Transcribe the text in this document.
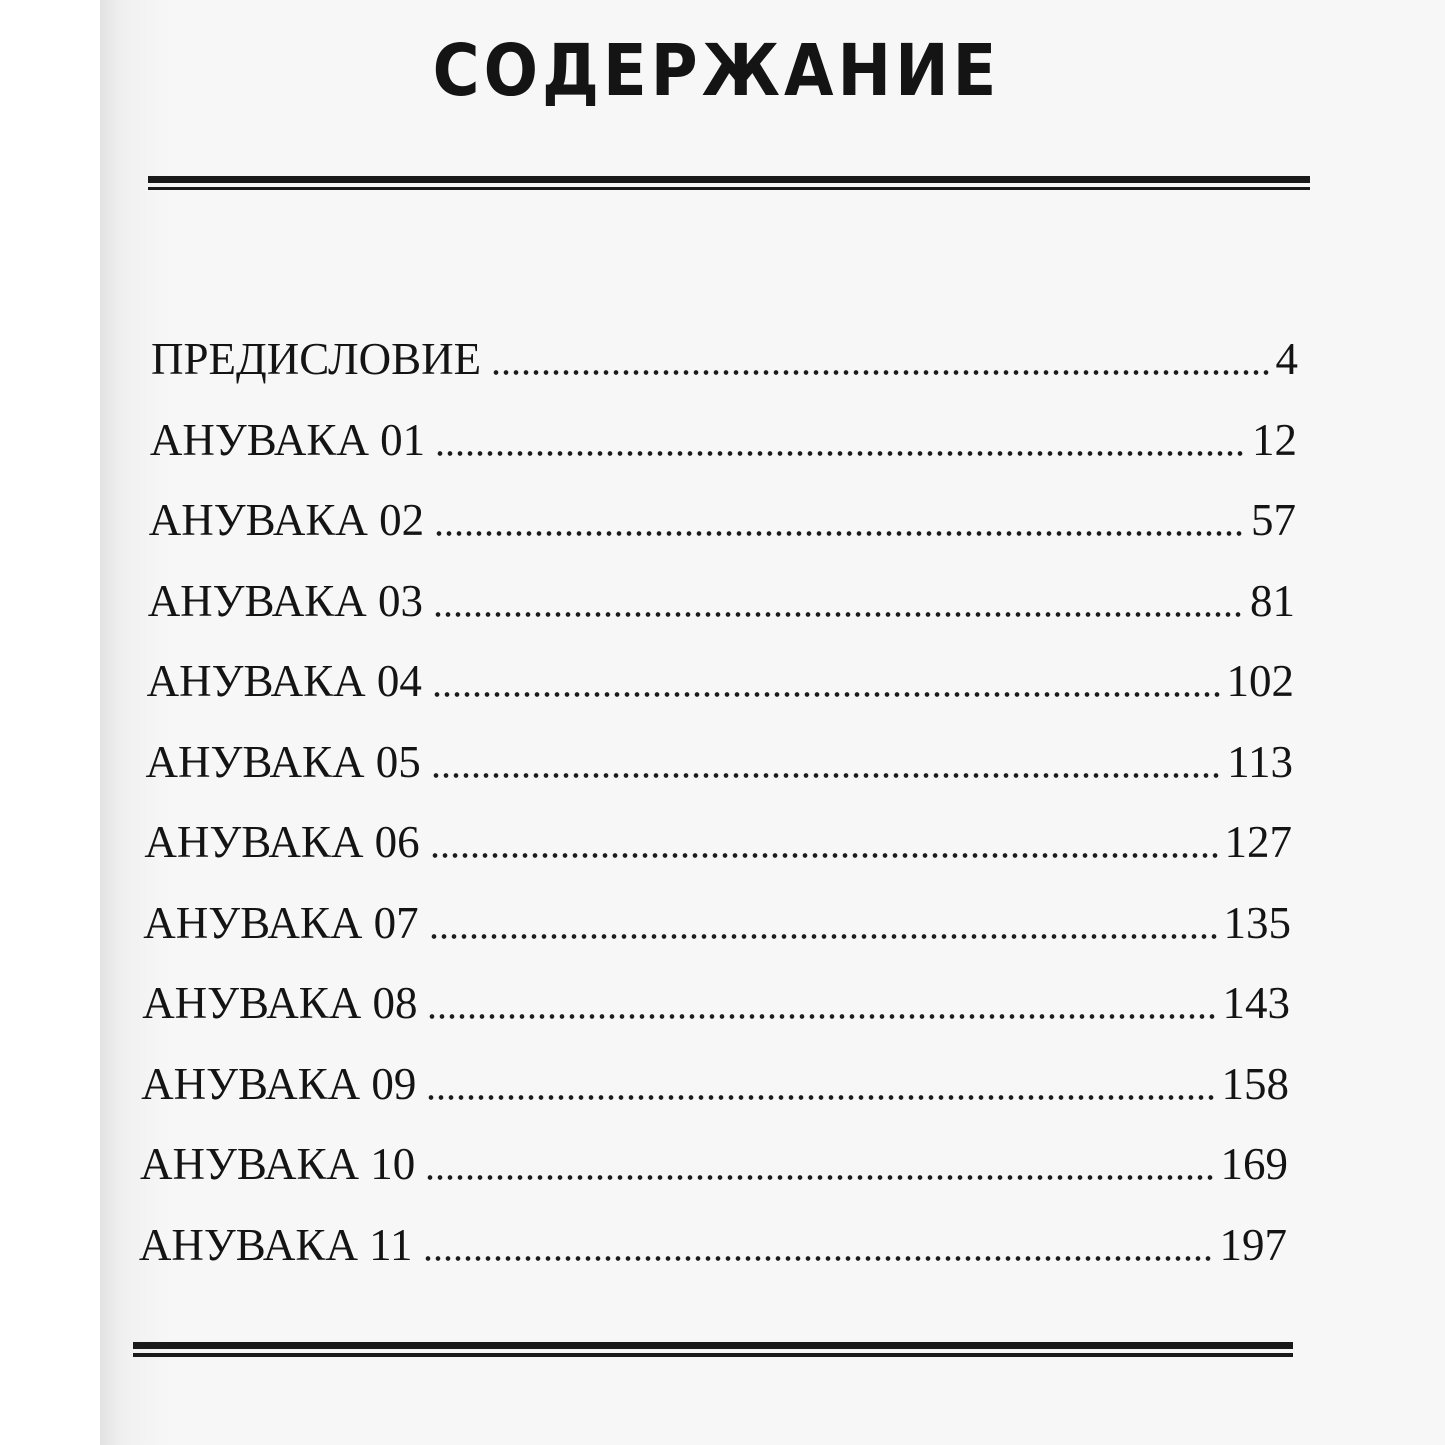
СОДЕРЖАНИЕ
ПРЕДИСЛОВИЕ	4
АНУВАКА 01	12
АНУВАКА 02	57
АНУВАКА 03	81
АНУВАКА 04	102
АНУВАКА 05	113
АНУВАКА 06	127
АНУВАКА 07	135
АНУВАКА 08	143
АНУВАКА 09	158
АНУВАКА 10	169
АНУВАКА 11	197
